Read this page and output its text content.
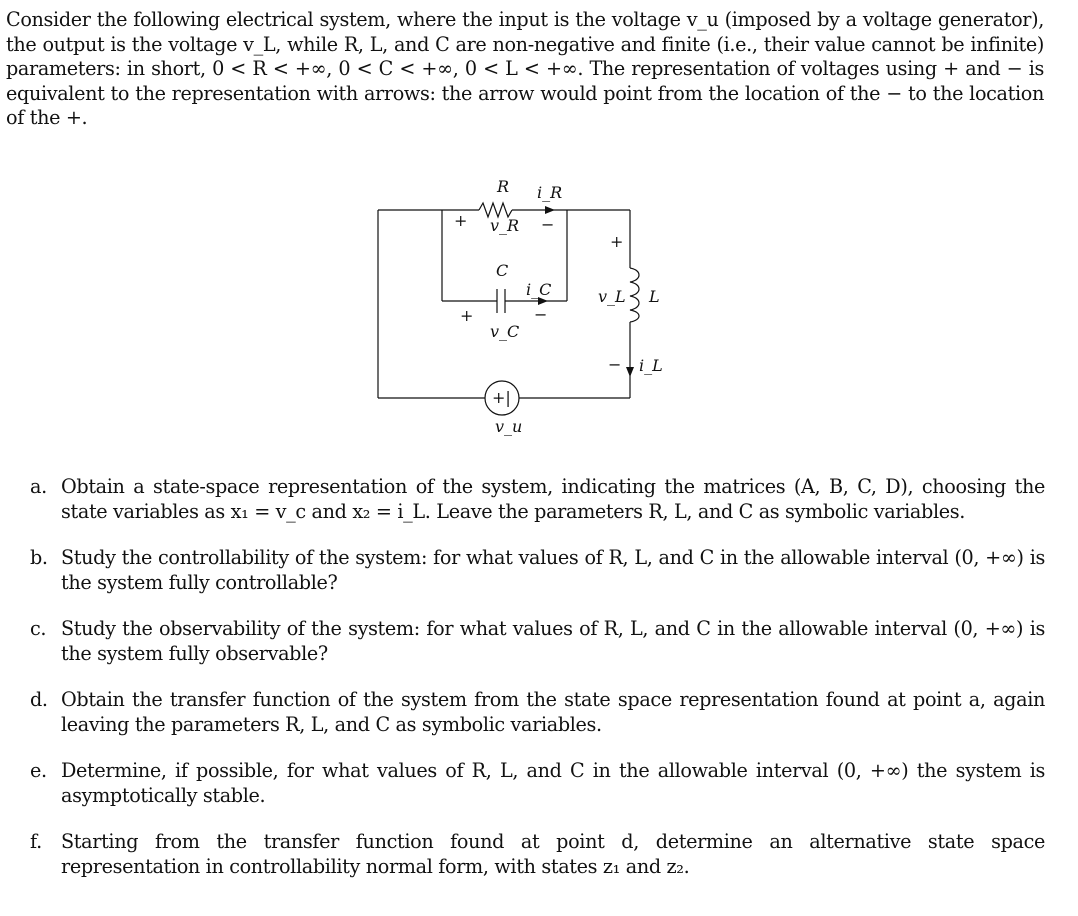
Consider the following electrical system, where the input is the voltage v_u (imposed by a voltage generator), the output is the voltage v_L, while R, L, and C are non-negative and finite (i.e., their value cannot be infinite) parameters: in short, 0 < R < +∞, 0 < C < +∞, 0 < L < +∞. The representation of voltages using + and − is equivalent to the representation with arrows: the arrow would point from the location of the − to the location of the +.
R i_R
v_R
+	−
C
i_C
v_C
+	−
+
v_L L
− i_L
+|
v_u
a. Obtain a state-space representation of the system, indicating the matrices (A, B, C, D), choosing the state variables as x₁ = v_c and x₂ = i_L. Leave the parameters R, L, and C as symbolic variables.
b. Study the controllability of the system: for what values of R, L, and C in the allowable interval (0, +∞) is the system fully controllable?
c. Study the observability of the system: for what values of R, L, and C in the allowable interval (0, +∞) is the system fully observable?
d. Obtain the transfer function of the system from the state space representation found at point a, again leaving the parameters R, L, and C as symbolic variables.
e. Determine, if possible, for what values of R, L, and C in the allowable interval (0, +∞) the system is asymptotically stable.
f. Starting from the transfer function found at point d, determine an alternative state space representation in controllability normal form, with states z₁ and z₂.
